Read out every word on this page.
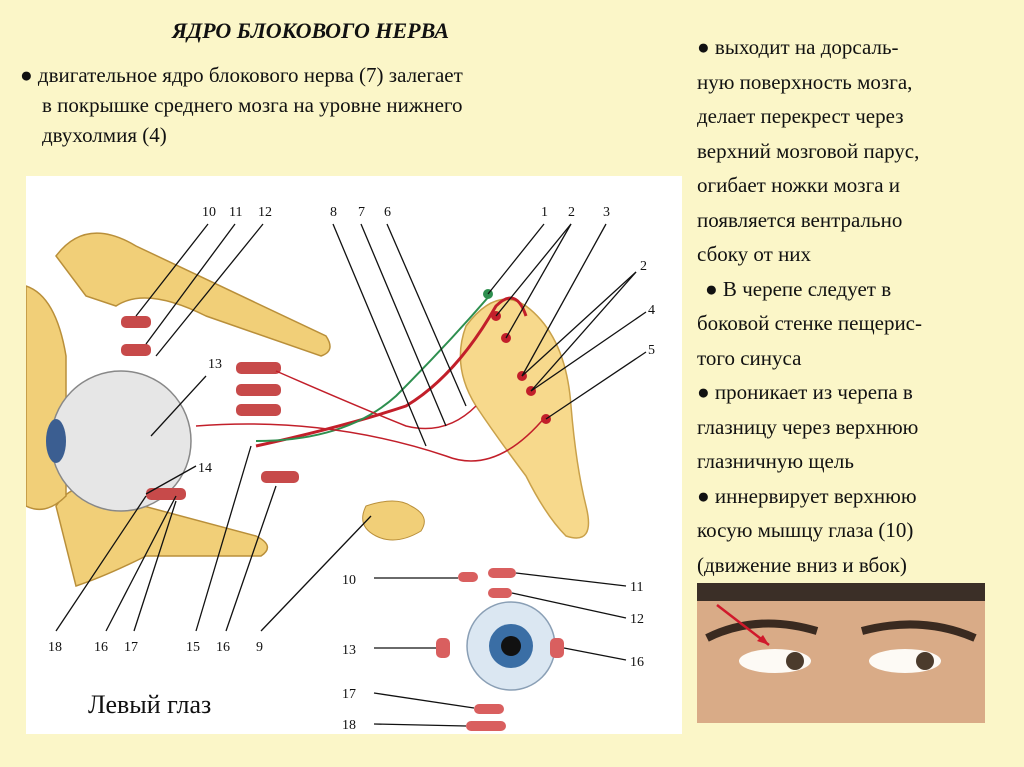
ЯДРО БЛОКОВОГО НЕРВА
● двигательное ядро блокового нерва (7) залегает
в покрышке среднего мозга на уровне нижнего
двухолмия (4)

● выходит на дорсаль-

ную поверхность мозга,

делает перекрест через

верхний мозговой парус,

огибает ножки мозга и

появляется вентрально

сбоку от них

● В черепе следует в

боковой стенке пещерис-

того синуса

● проникает из черепа в

глазницу через верхнюю

глазничную щель

● иннервирует верхнюю

косую мышцу глаза (10)

(движение вниз и вбок)

10 11 12	8 7 6	1 2 3
2
4
5
13
14
18 16 17	15 16 9
10	11
12
13
16
17
18
Левый глаз
